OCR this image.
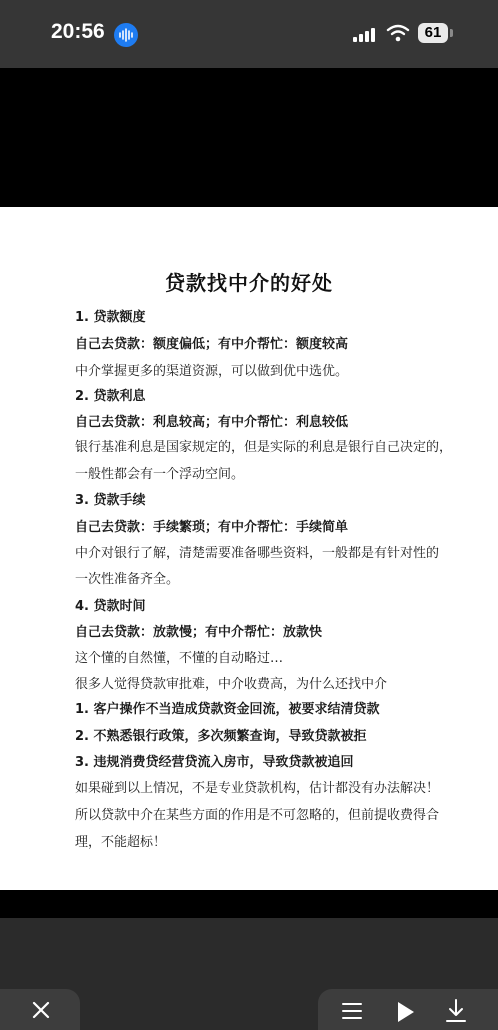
20:56	61
贷款找中介的好处
1. 贷款额度
自己去贷款：额度偏低；有中介帮忙：额度较高
中介掌握更多的渠道资源，可以做到优中选优。
2. 贷款利息
自己去贷款：利息较高；有中介帮忙：利息较低
银行基准利息是国家规定的，但是实际的利息是银行自己决定的，
一般性都会有一个浮动空间。
3. 贷款手续
自己去贷款：手续繁琐；有中介帮忙：手续简单
中介对银行了解，清楚需要准备哪些资料，一般都是有针对性的
一次性准备齐全。
4. 贷款时间
自己去贷款：放款慢；有中介帮忙：放款快
这个懂的自然懂，不懂的自动略过…
很多人觉得贷款审批难，中介收费高，为什么还找中介
1. 客户操作不当造成贷款资金回流，被要求结清贷款
2. 不熟悉银行政策，多次频繁查询，导致贷款被拒
3. 违规消费贷经营贷流入房市，导致贷款被追回
如果碰到以上情况，不是专业贷款机构，估计都没有办法解决！
所以贷款中介在某些方面的作用是不可忽略的，但前提收费得合
理，不能超标！
